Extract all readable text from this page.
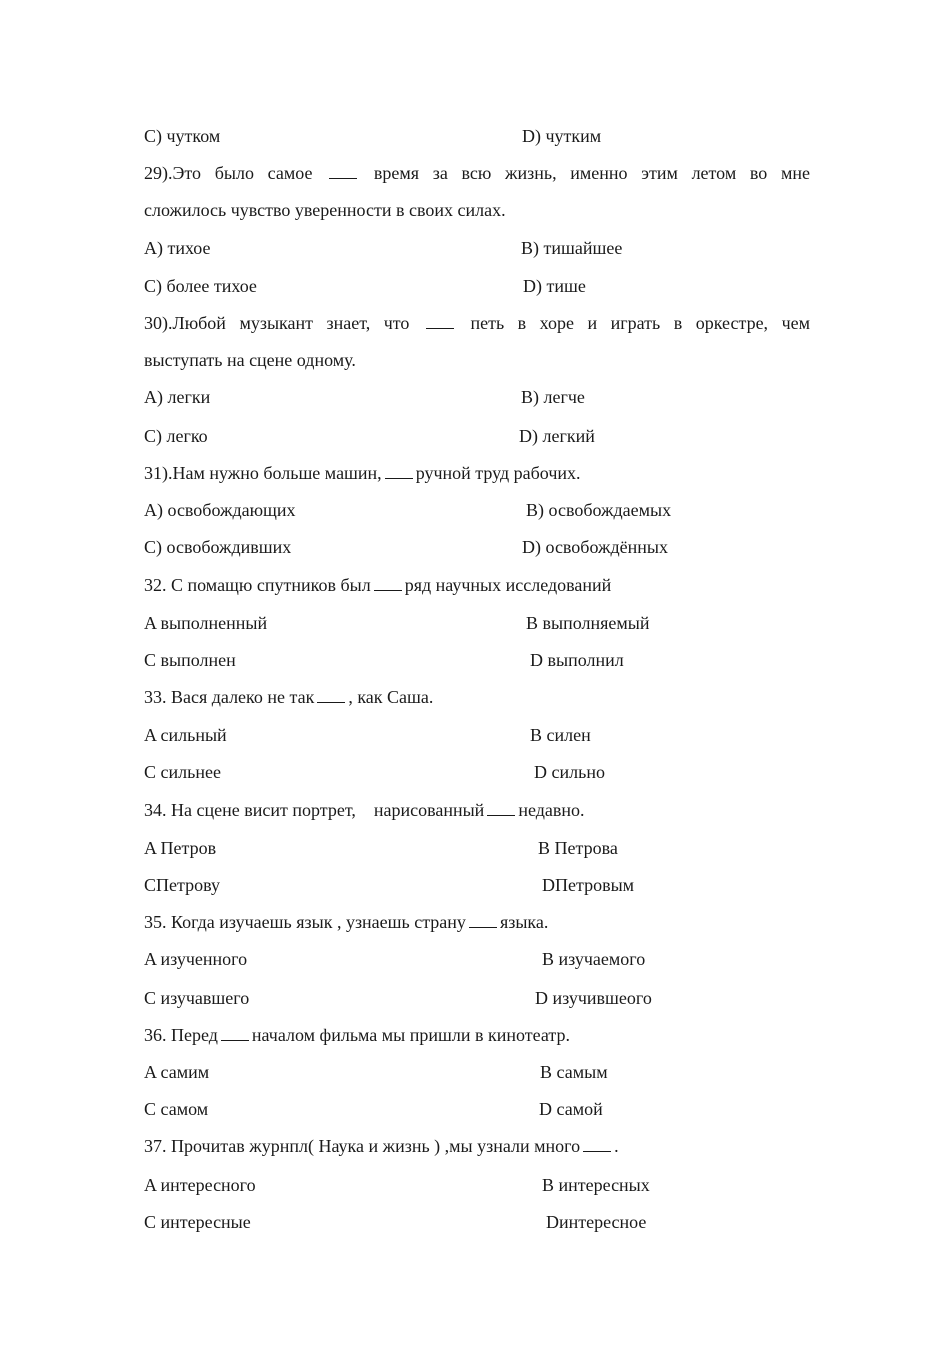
C) чутком	D) чутким
29).Это было самое	время за всю жизнь, именно этим летом во мне
сложилось чувство уверенности в своих силах.
A) тихое	B) тишайшее
C) более тихое	D) тише
30).Любой музыкант знает, что	петь в хоре и играть в оркестре, чем
выступать на сцене одному.
A) легки	B) легче
C) легко	D) легкий
31).Нам нужно больше машин, ручной труд рабочих.
A) освобождающих	B) освобождаемых
C) освобождивших	D) освобождённых
32. С помащю спутников был ряд научных исследований
A выполненный	B выполняемый
C выполнен	D выполнил
33. Вася далеко не так , как Саша.
A сильный	B силен
C сильнее	D сильно
34. На сцене висит портрет,    нарисованный недавно.
A Петров	B Петрова
CПетрову	DПетровым
35. Когда изучаешь язык , узнаешь страну языка.
A изученного	B изучаемого
C изучавшего	D изучившеого
36. Перед началом фильма мы пришли в кинотеатр.
A самим	B самым
C самом	D самой
37. Прочитав журнпл( Наука и жизнь ) ,мы узнали много .
A интересного	B интересных
C интересные	Dинтересное
